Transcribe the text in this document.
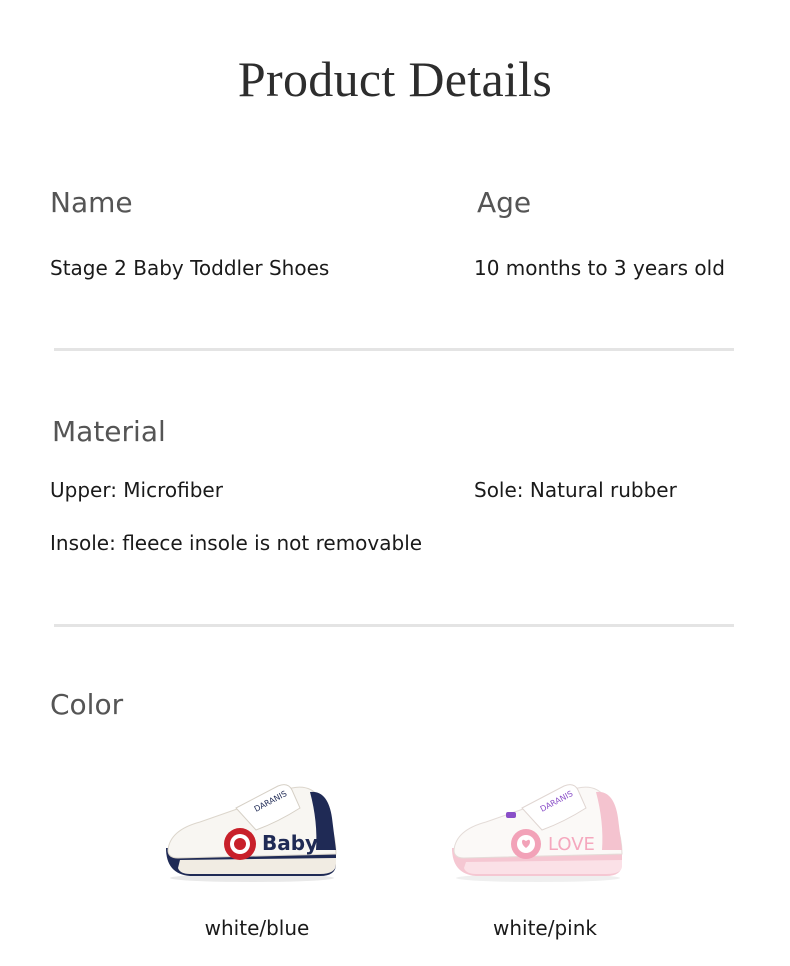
Product Details
Name	Age
Stage 2 Baby Toddler Shoes	10 months to 3 years old
Material
Upper: Microfiber	Sole: Natural rubber
Insole: fleece insole is not removable
Color
DARANIS
Baby
white/blue
DARANIS
LOVE
white/pink
